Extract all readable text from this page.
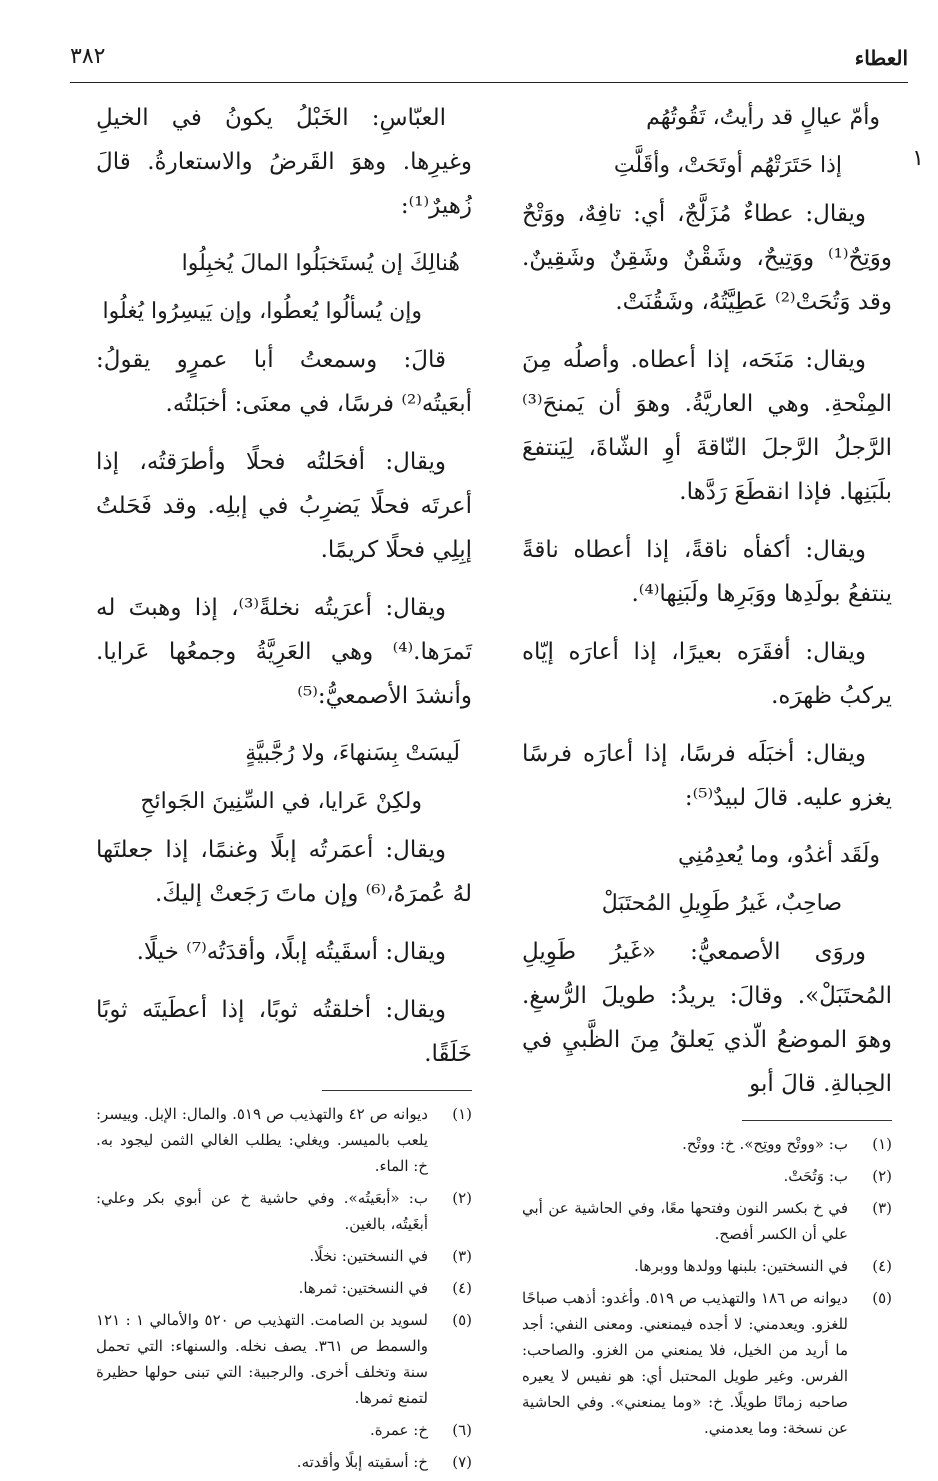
العطاء
٣٨٢
١

وأمّ عيالٍ قد رأيتُ، تَقُوتُهُم

إذا حَتَرَتْهُم أوتَحَتْ، وأقَلَّتِ

ويقال: عطاءٌ مُزَلَّجٌ، أي: تافِهٌ، ووَتْحٌ ووَتِحٌ⁽¹⁾ ووَتِيحٌ، وشَقْنٌ وشَقِنٌ وشَقِينٌ. وقد وَتُحَتْ⁽²⁾ عَطِيَّتُهُ، وشَقُنَتْ.

ويقال: مَنَحَه، إذا أعطاه. وأصلُه مِنَ المِنْحةِ. وهي العاريَّةُ. وهوَ أن يَمنحَ⁽³⁾ الرَّجلُ الرَّجلَ النّاقةَ أوِ الشّاةَ، لِيَنتفعَ بلَبَنِها. فإذا انقطَعَ رَدَّها.

ويقال: أكفأه ناقةً، إذا أعطاه ناقةً ينتفعُ بولَدِها ووَبَرِها ولَبَنِها⁽⁴⁾.

ويقال: أفقَرَه بعيرًا، إذا أعارَه إيّاه يركبُ ظهرَه.

ويقال: أخبَلَه فرسًا، إذا أعارَه فرسًا يغزو عليه. قالَ لبيدٌ⁽⁵⁾:

ولَقَد أغدُو، وما يُعدِمُنِي

صاحِبٌ، غَيرُ طَوِيلِ المُحتَبَلْ

وروَى الأصمعيُّ: «غَيرُ طَوِيلِ المُحتَبَلْ». وقالَ: يريدُ: طويلَ الرُّسغِ. وهوَ الموضعُ الّذي يَعلقُ مِنَ الظَّبيِ في الحِبالةِ. قالَ أبو

(١)
ب: «ووتْح ووتِح». خ: ووتْح.
(٢)
ب: وَتُحَتْ.
(٣)
في خ بكسر النون وفتحها معًا، وفي الحاشية عن أبي علي أن الكسر أفصح.
(٤)
في النسختين: بلبنها وولدها ووبرها.
(٥)
ديوانه ص ١٨٦ والتهذيب ص ٥١٩. وأغدو: أذهب صباحًا للغزو. ويعدمني: لا أجده فيمنعني. ومعنى النفي: أجد ما أريد من الخيل، فلا يمنعني من الغزو. والصاحب: الفرس. وغير طويل المحتبل أي: هو نفيس لا يعيره صاحبه زمانًا طويلًا. خ: «وما يمنعني». وفي الحاشية عن نسخة: وما يعدمني.

العبّاسِ: الخَبْلُ يكونُ في الخيلِ وغيرِها. وهوَ القَرضُ والاستعارةُ. قالَ زُهيرٌ⁽¹⁾:

هُنالِكَ إن يُستَخبَلُوا المالَ يُخبِلُوا

وإن يُسألُوا يُعطُوا، وإن يَيسِرُوا يُغلُوا

قالَ: وسمعتُ أبا عمرٍو يقولُ: أبعَيتُه⁽²⁾ فرسًا، في معنَى: أخبَلتُه.

ويقال: أفحَلتُه فحلًا وأطرَقتُه، إذا أعرتَه فحلًا يَضرِبُ في إبلِه. وقد فَحَلتُ إبِلِي فحلًا كريمًا.

ويقال: أعرَيتُه نخلةً⁽³⁾، إذا وهبتَ له تَمرَها.⁽⁴⁾ وهي العَرِيَّةُ وجمعُها عَرايا. وأنشدَ الأصمعيُّ:⁽⁵⁾

لَيسَتْ بِسَنهاءَ، ولا رُجَّبيَّةٍ

ولكِنْ عَرايا، في السِّنِينَ الجَوائحِ

ويقال: أعمَرتُه إبلًا وغنمًا، إذا جعلتَها لهُ عُمرَهُ،⁽⁶⁾ وإن ماتَ رَجَعتْ إليكَ.

ويقال: أسقَيتُه إبلًا، وأقدَتُه⁽⁷⁾ خيلًا.

ويقال: أخلقتُه ثوبًا، إذا أعطَيتَه ثوبًا خَلَقًا.

(١)
ديوانه ص ٤٢ والتهذيب ص ٥١٩. والمال: الإبل. وييسر: يلعب بالميسر. ويغلي: يطلب الغالي الثمن ليجود به. خ: الماء.
(٢)
ب: «أبعَيتُه». وفي حاشية خ عن أبوي بكر وعلي: أبغَيتُه، بالغين.
(٣)
في النسختين: نخلًا.
(٤)
في النسختين: ثمرها.
(٥)
لسويد بن الصامت. التهذيب ص ٥٢٠ والأمالي ١ : ١٢١ والسمط ص ٣٦١. يصف نخله. والسنهاء: التي تحمل سنة وتخلف أخرى. والرجبية: التي تبنى حولها حظيرة لتمنع ثمرها.
(٦)
خ: عمرة.
(٧)
خ: أسقيته إبلًا وأقدته.
